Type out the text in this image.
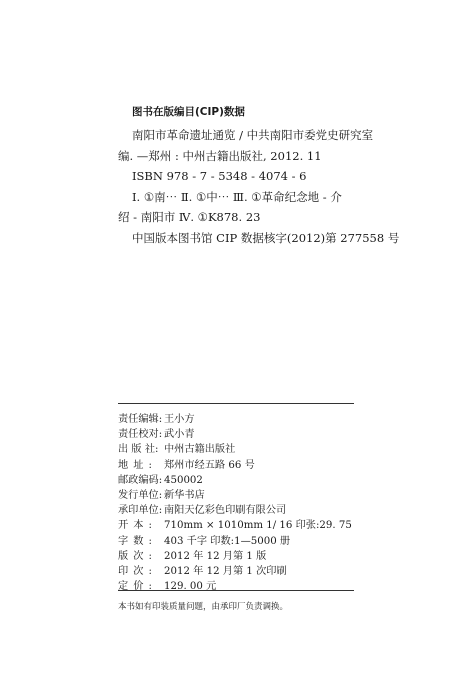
图书在版编目(CIP)数据
南阳市革命遗址通览 / 中共南阳市委党史研究室
编. —郑州 : 中州古籍出版社, 2012. 11
ISBN 978 - 7 - 5348 - 4074 - 6
Ⅰ. ①南⋯ Ⅱ. ①中⋯ Ⅲ. ①革命纪念地 - 介
绍 - 南阳市 Ⅳ. ①K878. 23
中国版本图书馆 CIP 数据核字(2012)第 277558 号
责任编辑: 王小方
责任校对: 武小青
出 版 社: 中州古籍出版社
地址: 郑州市经五路 66 号
邮政编码: 450002
发行单位: 新华书店
承印单位: 南阳天亿彩色印刷有限公司
开本: 710mm × 1010mm 1/ 16 印张:29. 75
字数: 403 千字 印数:1—5000 册
版次: 2012 年 12 月第 1 版
印次: 2012 年 12 月第 1 次印刷
定价: 129. 00 元
本书如有印装质量问题，由承印厂负责调换。
